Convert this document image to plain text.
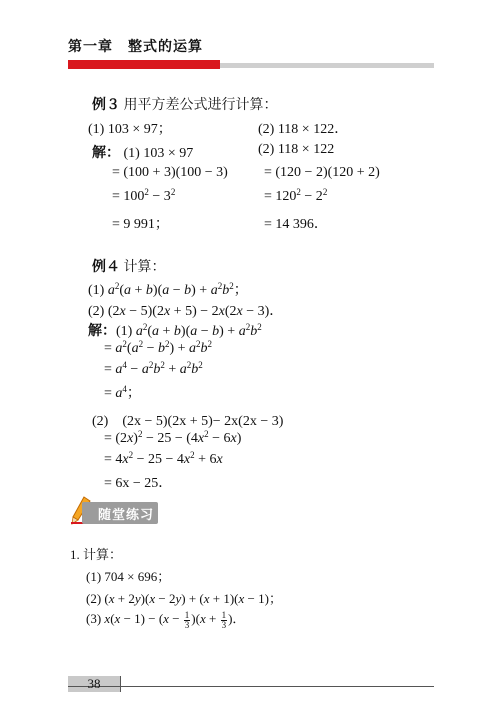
第一章　整式的运算
例３ 用平方差公式进行计算：
(1) 103 × 97；	(2) 118 × 122．
解： (1) 103 × 97	(2) 118 × 122
= (100 + 3)(100 − 3)	= (120 − 2)(120 + 2)
= $100^2 - 3^2$	= $120^2 - 2^2$
= 9 991；	= 14 396．
例４ 计算：
(1) $a^2(a + b)(a - b) + a^2b^2$；
(2) (2x − 5)(2x + 5) − 2x(2x − 3)．
解：(1) $a^2(a + b)(a - b) + a^2b^2$
= $a^2(a^2 - b^2) + a^2b^2$
= $a^4 - a^2b^2 + a^2b^2$
= $a^4$；
(2)　(2x − 5)(2x + 5)− 2x(2x − 3)
= $(2x)^2 - 25 - (4x^2 - 6x)$
= $4x^2 - 25 - 4x^2 + 6x$
= 6x − 25．
随堂练习
1. 计算：
(1) 704 × 696；
(2) (x + 2y)(x − 2y) + (x + 1)(x − 1)；
(3) $x(x - 1) - (x - \frac{1}{3} )(x + \frac{1}{3}$ )．
38
